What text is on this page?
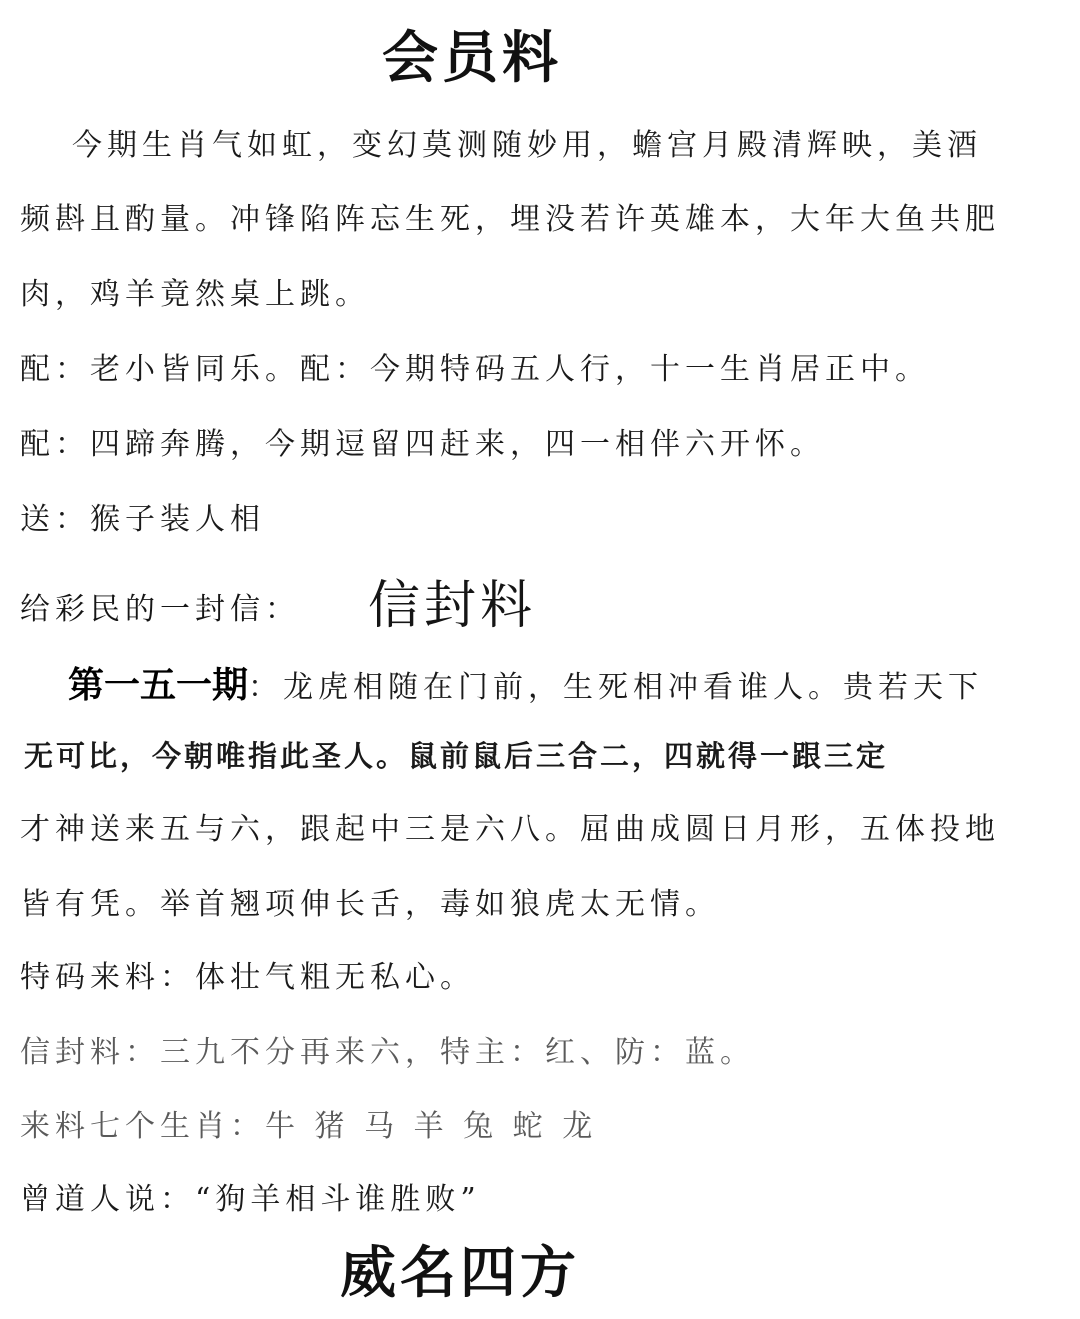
会员料

今期生肖气如虹，变幻莫测随妙用，蟾宫月殿清辉映，美酒

频斟且酌量。冲锋陷阵忘生死，埋没若许英雄本，大年大鱼共肥

肉，鸡羊竟然桌上跳。

配：老小皆同乐。配：今期特码五人行，十一生肖居正中。

配：四蹄奔腾，今期逗留四赶来，四一相伴六开怀。

送：猴子装人相

给彩民的一封信： 信封料

第一五一期：龙虎相随在门前，生死相冲看谁人。贵若天下

无可比，今朝唯指此圣人。鼠前鼠后三合二，四就得一跟三定

才神送来五与六，跟起中三是六八。屈曲成圆日月形，五体投地

皆有凭。举首翘项伸长舌，毒如狼虎太无情。

特码来料：体壮气粗无私心。

信封料：三九不分再来六，特主：红、防：蓝。

来料七个生肖：牛 猪 马 羊 兔 蛇 龙

曾道人说：“狗羊相斗谁胜败”

威名四方
